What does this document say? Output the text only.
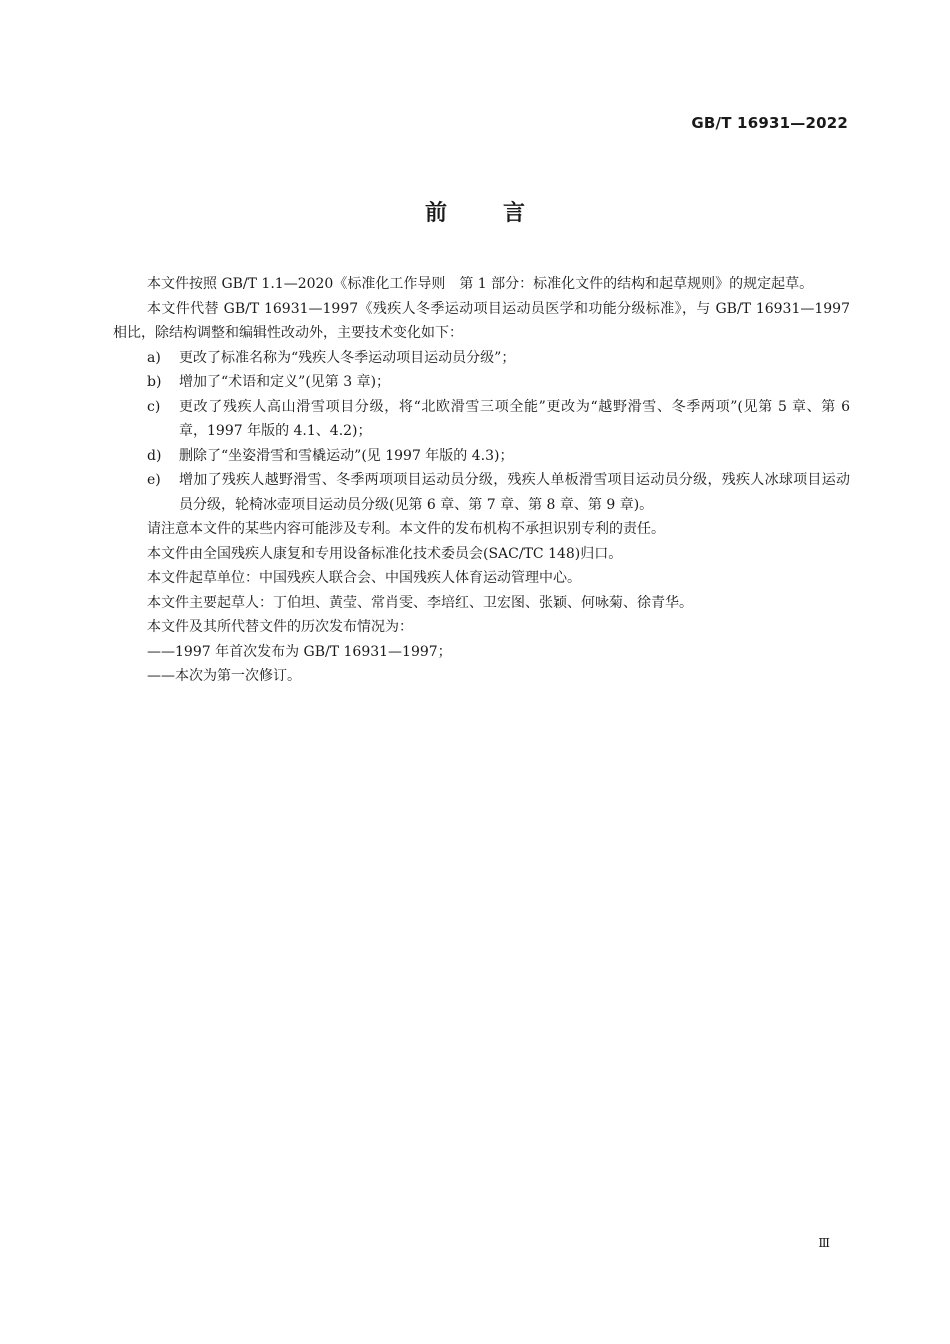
GB/T 16931—2022
前言

本文件按照 GB/T 1.1—2020《标准化工作导则　第 1 部分：标准化文件的结构和起草规则》的规定起草。

本文件代替 GB/T 16931—1997《残疾人冬季运动项目运动员医学和功能分级标准》，与 GB/T 16931—1997 相比，除结构调整和编辑性改动外，主要技术变化如下：

a)	更改了标准名称为“残疾人冬季运动项目运动员分级”；
b)	增加了“术语和定义”(见第 3 章)；
c)	更改了残疾人高山滑雪项目分级，将“北欧滑雪三项全能”更改为“越野滑雪、冬季两项”(见第 5 章、第 6 章，1997 年版的 4.1、4.2)；
d)	删除了“坐姿滑雪和雪橇运动”(见 1997 年版的 4.3)；
e)	增加了残疾人越野滑雪、冬季两项项目运动员分级，残疾人单板滑雪项目运动员分级，残疾人冰球项目运动员分级，轮椅冰壶项目运动员分级(见第 6 章、第 7 章、第 8 章、第 9 章)。

请注意本文件的某些内容可能涉及专利。本文件的发布机构不承担识别专利的责任。

本文件由全国残疾人康复和专用设备标准化技术委员会(SAC/TC 148)归口。

本文件起草单位：中国残疾人联合会、中国残疾人体育运动管理中心。

本文件主要起草人：丁伯坦、黄莹、常肖雯、李培红、卫宏图、张颖、何咏菊、徐青华。

本文件及其所代替文件的历次发布情况为：

——1997 年首次发布为 GB/T 16931—1997；

——本次为第一次修订。

Ⅲ
